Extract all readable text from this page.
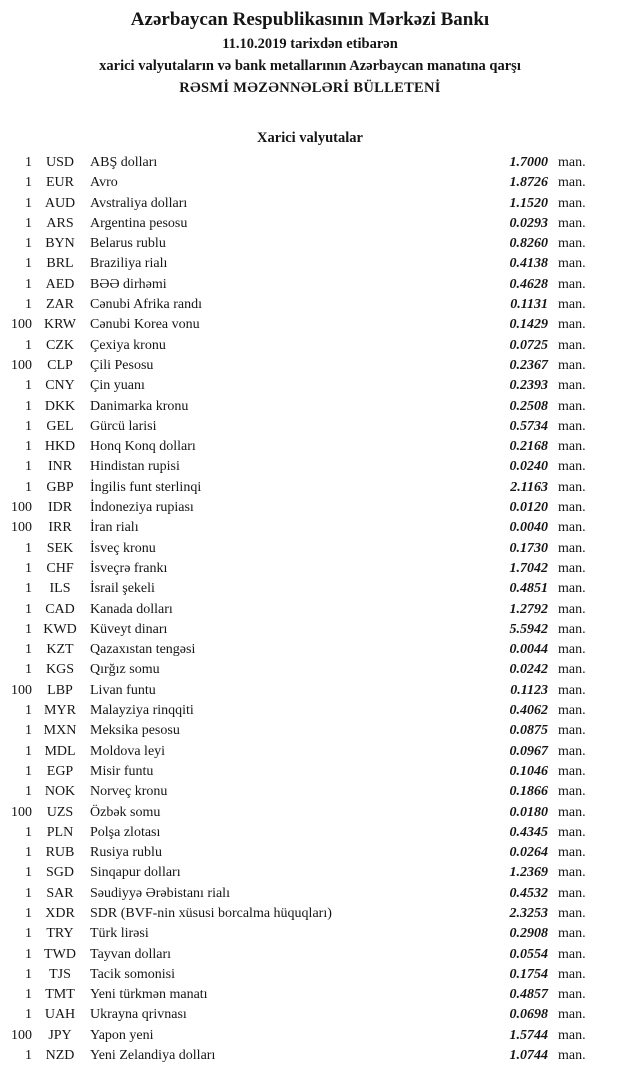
Azərbaycan Respublikasının Mərkəzi Bankı
11.10.2019 tarixdən etibarən
xarici valyutaların və bank metallarının Azərbaycan manatına qarşı
RƏSMİ MƏZƏNNƏLƏRİ BÜLLETENİ
Xarici valyutalar
1 USD	ABŞ dolları	1.7000 man.
1	EUR	Avro	1.8726 man.
1 AUD	Avstraliya dolları	1.1520 man.
1	ARS	Argentina pesosu	0.0293 man.
1 BYN	Belarus rublu	0.8260 man.
1	BRL	Braziliya rialı	0.4138 man.
1 AED	BƏƏ dirhəmi	0.4628 man.
1	ZAR	Cənubi Afrika randı	0.1131 man.
100 KRW	Cənubi Korea vonu	0.1429 man.
1	CZK	Çexiya kronu	0.0725 man.
100	CLP	Çili Pesosu	0.2367 man.
1 CNY	Çin yuanı	0.2393 man.
1 DKK	Danimarka kronu	0.2508 man.
1	GEL	Gürcü larisi	0.5734 man.
1 HKD	Honq Konq dolları	0.2168 man.
1	INR	Hindistan rupisi	0.0240 man.
1	GBP	İngilis funt sterlinqi	2.1163 man.
100	IDR	İndoneziya rupiası	0.0120 man.
100	IRR	İran rialı	0.0040 man.
1	SEK	İsveç kronu	0.1730 man.
1	CHF	İsveçrə frankı	1.7042 man.
1	ILS	İsrail şekeli	0.4851 man.
1 CAD	Kanada dolları	1.2792 man.
1 KWD Küveyt dinarı	5.5942 man.
1	KZT	Qazaxıstan tengəsi	0.0044 man.
1 KGS	Qırğız somu	0.0242 man.
100	LBP	Livan funtu	0.1123 man.
1 MYR	Malayziya rinqqiti	0.4062 man.
1 MXN Meksika pesosu	0.0875 man.
1 MDL	Moldova leyi	0.0967 man.
1	EGP	Misir funtu	0.1046 man.
1 NOK	Norveç kronu	0.1866 man.
100	UZS	Özbək somu	0.0180 man.
1	PLN	Polşa zlotası	0.4345 man.
1 RUB	Rusiya rublu	0.0264 man.
1 SGD	Sinqapur dolları	1.2369 man.
1	SAR	Səudiyyə Ərəbistanı rialı	0.4532 man.
1 XDR	SDR (BVF-nin xüsusi borcalma hüquqları)	2.3253 man.
1	TRY	Türk lirəsi	0.2908 man.
1 TWD	Tayvan dolları	0.0554 man.
1	TJS	Tacik somonisi	0.1754 man.
1 TMT	Yeni türkmən manatı	0.4857 man.
1 UAH	Ukrayna qrivnası	0.0698 man.
100	JPY	Yapon yeni	1.5744 man.
1 NZD	Yeni Zelandiya dolları	1.0744 man.
